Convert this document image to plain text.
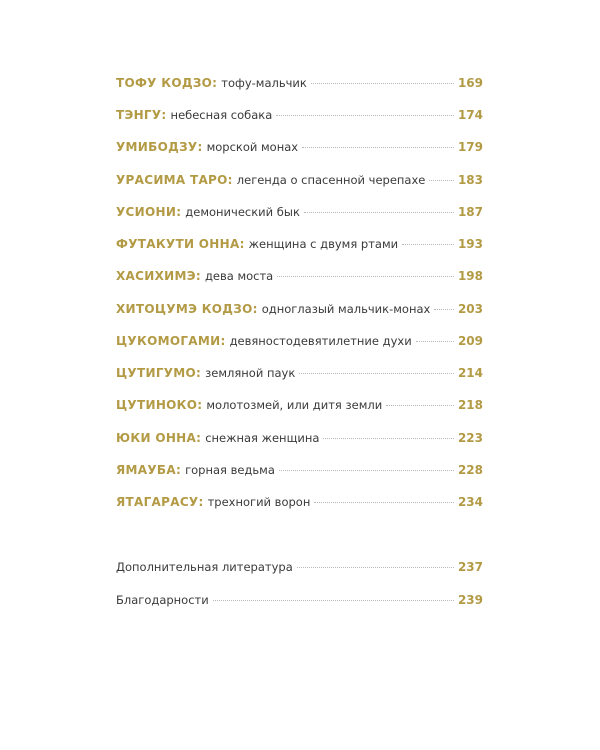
ТОФУ КОДЗО: тофу-мальчик	169
ТЭНГУ: небесная собака	174
УМИБОДЗУ: морской монах	179
УРАСИМА ТАРО: легенда о спасенной черепахе	183
УСИОНИ: демонический бык	187
ФУТАКУТИ ОННА: женщина с двумя ртами	193
ХАСИХИМЭ: дева моста	198
ХИТОЦУМЭ КОДЗО: одноглазый мальчик-монах 203
ЦУКОМОГАМИ: девяностодевятилетние духи	209
ЦУТИГУМО: земляной паук	214
ЦУТИНОКО: молотозмей, или дитя земли	218
ЮКИ ОННА: снежная женщина	223
ЯМАУБА: горная ведьма	228
ЯТАГАРАСУ: трехногий ворон	234
Дополнительная литература	237
Благодарности	239
